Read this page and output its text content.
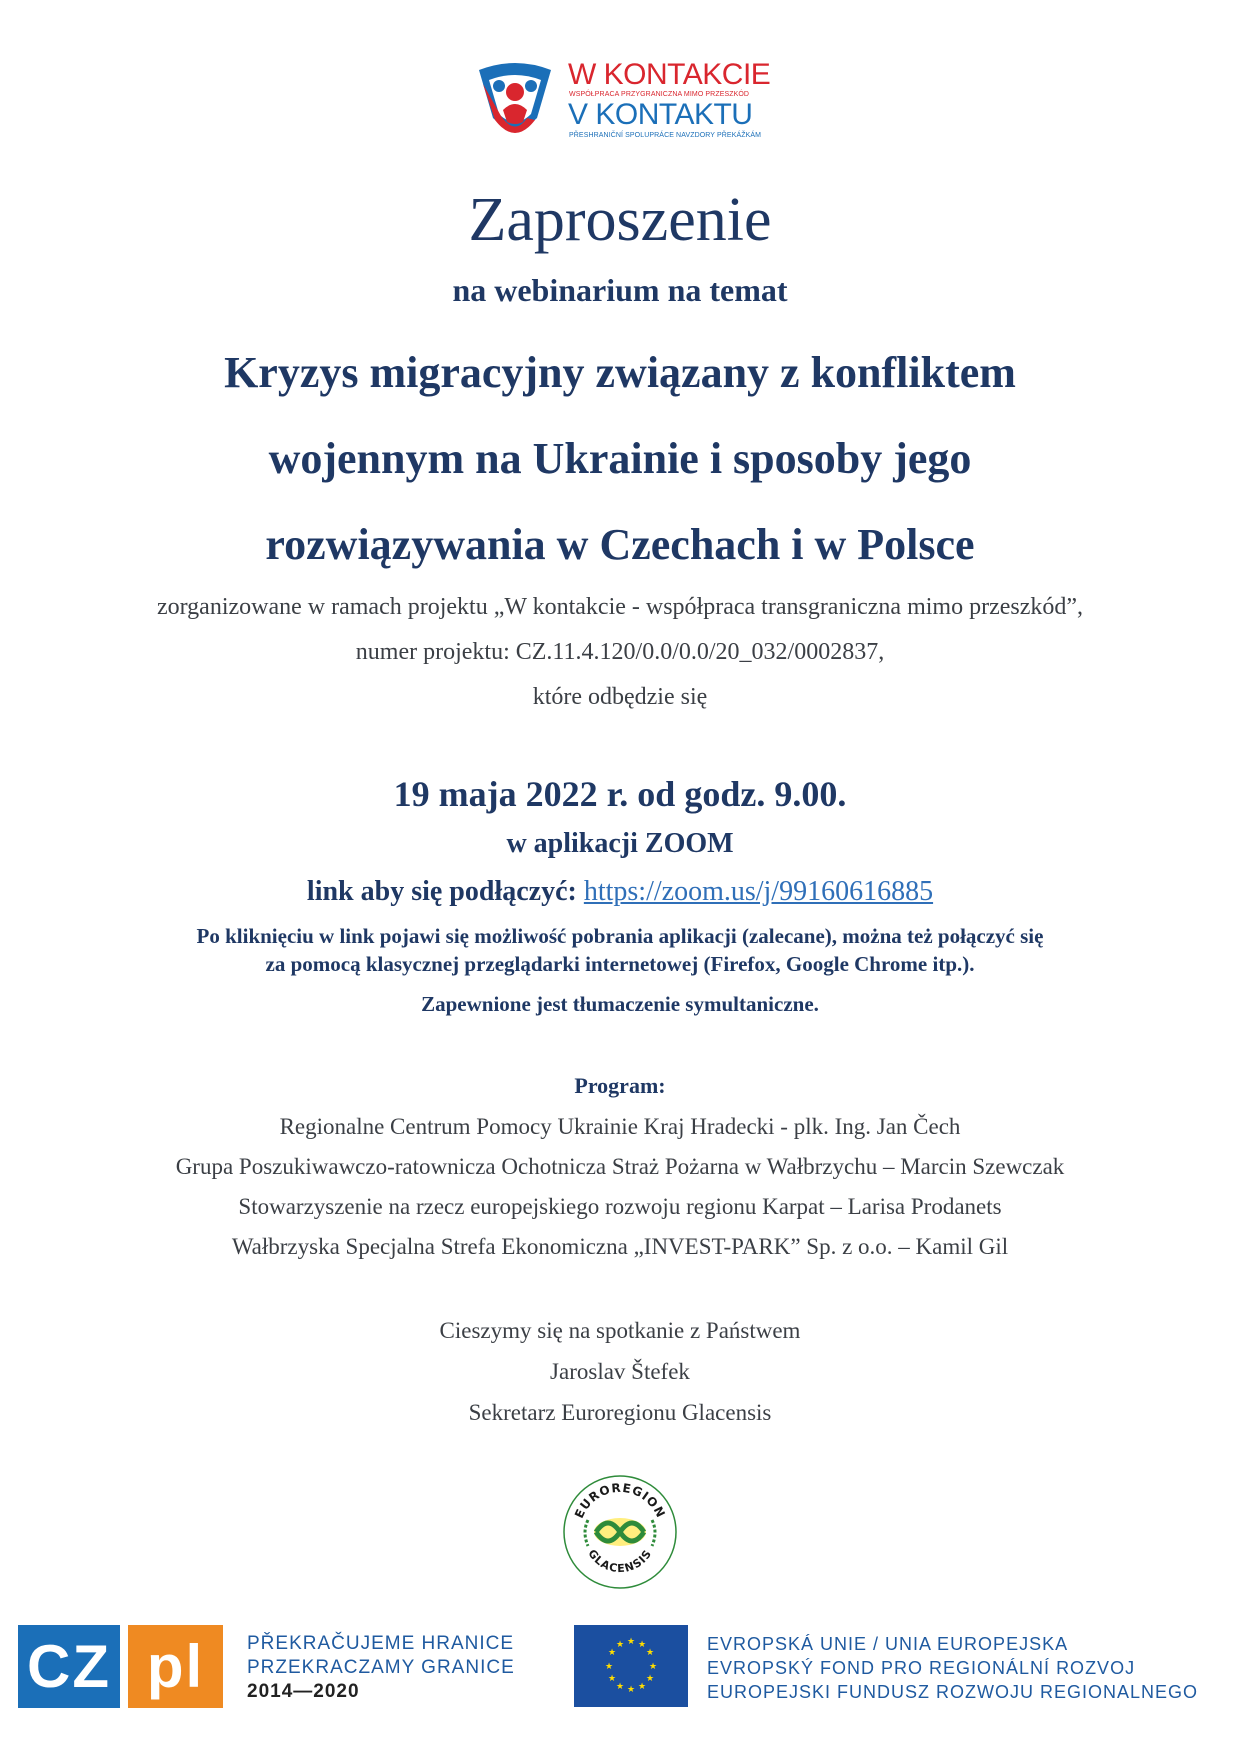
W KONTAKCIE
WSPÓŁPRACA PRZYGRANICZNA MIMO PRZESZKÓD
V KONTAKTU
PŘESHRANIČNÍ SPOLUPRÁCE NAVZDORY PŘEKÁŽKÁM
Zaproszenie
na webinarium na temat
Kryzys migracyjny związany z konfliktem
wojennym na Ukrainie i sposoby jego
rozwiązywania w Czechach i w Polsce
zorganizowane w ramach projektu „W kontakcie - współpraca transgraniczna mimo przeszkód”,
numer projektu: CZ.11.4.120/0.0/0.0/20_032/0002837,
które odbędzie się
19 maja 2022 r. od godz. 9.00.
w aplikacji ZOOM
link aby się podłączyć: https://zoom.us/j/99160616885
Po kliknięciu w link pojawi się możliwość pobrania aplikacji (zalecane), można też połączyć się
za pomocą klasycznej przeglądarki internetowej (Firefox, Google Chrome itp.).
Zapewnione jest tłumaczenie symultaniczne.
Program:
Regionalne Centrum Pomocy Ukrainie Kraj Hradecki - plk. Ing. Jan Čech
Grupa Poszukiwawczo-ratownicza Ochotnicza Straż Pożarna w Wałbrzychu – Marcin Szewczak
Stowarzyszenie na rzecz europejskiego rozwoju regionu Karpat – Larisa Prodanets
Wałbrzyska Specjalna Strefa Ekonomiczna „INVEST-PARK” Sp. z o.o. – Kamil Gil
Cieszymy się na spotkanie z Państwem
Jaroslav Štefek
Sekretarz Euroregionu Glacensis
EUROREGION
GLACENSIS
CZ pl	PŘEKRAČUJEME HRANICE
PRZEKRACZAMY GRANICE
2014—2020
★ ★
★
★
★
★
★
★
★
★
★
★	EVROPSKÁ UNIE / UNIA EUROPEJSKA
EVROPSKÝ FOND PRO REGIONÁLNÍ ROZVOJ
EUROPEJSKI FUNDUSZ ROZWOJU REGIONALNEGO
